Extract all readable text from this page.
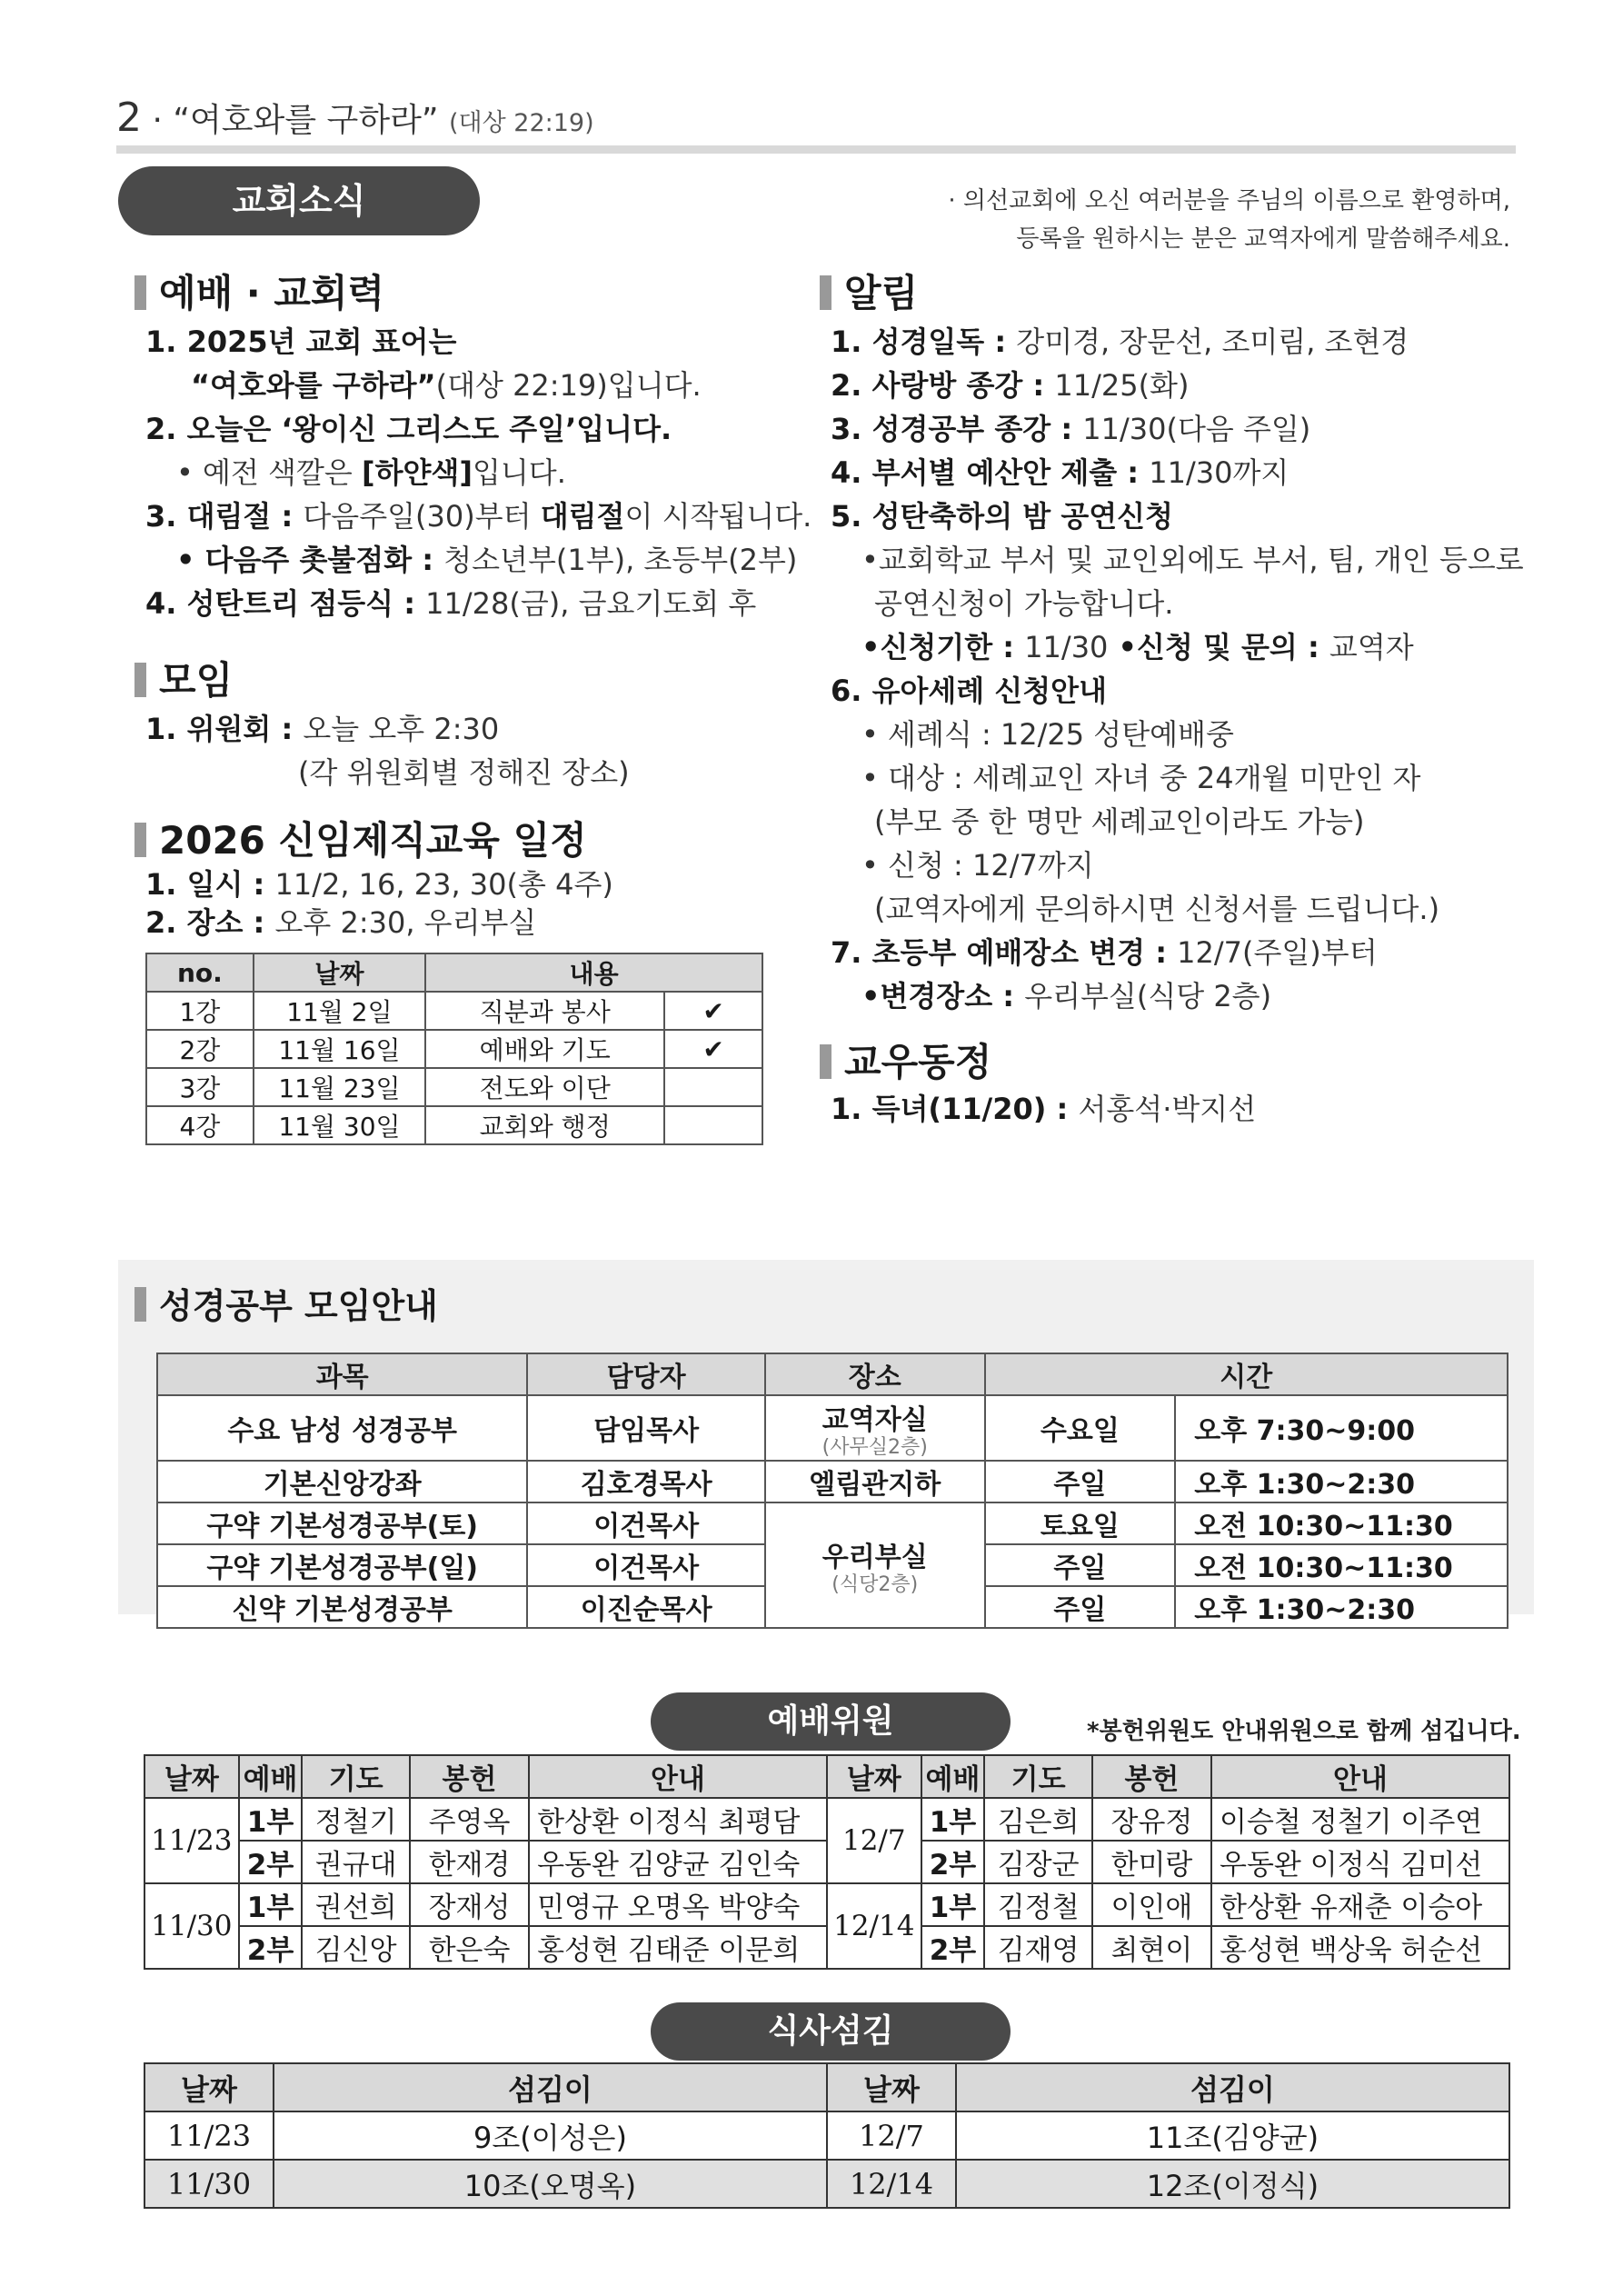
2 · “여호와를 구하라” (대상 22:19)
교회소식	· 의선교회에 오신 여러분을 주님의 이름으로 환영하며,
등록을 원하시는 분은 교역자에게 말씀해주세요.
예배 · 교회력
1. 2025년 교회 표어는
“여호와를 구하라”(대상 22:19)입니다.
2. 오늘은 ‘왕이신 그리스도 주일’입니다.
• 예전 색깔은 [하얀색]입니다.
3. 대림절 : 다음주일(30)부터 대림절이 시작됩니다.
• 다음주 촛불점화 : 청소년부(1부), 초등부(2부)
4. 성탄트리 점등식 : 11/28(금), 금요기도회 후
모임
1. 위원회 : 오늘 오후 2:30
(각 위원회별 정해진 장소)
2026 신임제직교육 일정
1. 일시 : 11/2, 16, 23, 30(총 4주)
2. 장소 : 오후 2:30, 우리부실
no.	날짜	내용	
1강	11월 2일	직분과 봉사	✔
2강	11월 16일	예배와 기도	✔
3강	11월 23일	전도와 이단	
4강	11월 30일	교회와 행정	
알림
1. 성경일독 : 강미경, 장문선, 조미림, 조현경
2. 사랑방 종강 : 11/25(화)
3. 성경공부 종강 : 11/30(다음 주일)
4. 부서별 예산안 제출 : 11/30까지
5. 성탄축하의 밤 공연신청
•교회학교 부서 및 교인외에도 부서, 팀, 개인 등으로
공연신청이 가능합니다.
•신청기한 : 11/30 •신청 및 문의 : 교역자
6. 유아세례 신청안내
• 세례식 : 12/25 성탄예배중
• 대상 : 세례교인 자녀 중 24개월 미만인 자
(부모 중 한 명만 세례교인이라도 가능)
• 신청 : 12/7까지
(교역자에게 문의하시면 신청서를 드립니다.)
7. 초등부 예배장소 변경 : 12/7(주일)부터
•변경장소 : 우리부실(식당 2층)
교우동정
1. 득녀(11/20) : 서홍석·박지선
성경공부 모임안내
과목	담당자	장소	시간	
수요 남성 성경공부	담임목사	교역자실
(사무실2층)	수요일	오후 7:30~9:00
기본신앙강좌	김호경목사	엘림관지하	주일	오후 1:30~2:30
구약 기본성경공부(토)	이건목사	우리부실
(식당2층)	토요일	오전 10:30~11:30
구약 기본성경공부(일)	이건목사		주일	오전 10:30~11:30
신약 기본성경공부	이진순목사		주일	오후 1:30~2:30
예배위원	*봉헌위원도 안내위원으로 함께 섬깁니다.
날짜	예배	기도	봉헌	안내	날짜	예배	기도	봉헌	안내
11/23	1부	정철기	주영옥	한상환 이정식 최평담	12/7	1부	김은희	장유정	이승철 정철기 이주연
	2부	권규대	한재경	우동완 김양균 김인숙		2부	김장군	한미랑	우동완 이정식 김미선
11/30	1부	권선희	장재성	민영규 오명옥 박양숙	12/14	1부	김정철	이인애	한상환 유재춘 이승아
	2부	김신앙	한은숙	홍성현 김태준 이문희		2부	김재영	최현이	홍성현 백상욱 허순선
식사섬김
날짜	섬김이	날짜	섬김이
11/23	9조(이성은)	12/7	11조(김양균)
11/30	10조(오명옥)	12/14	12조(이정식)
